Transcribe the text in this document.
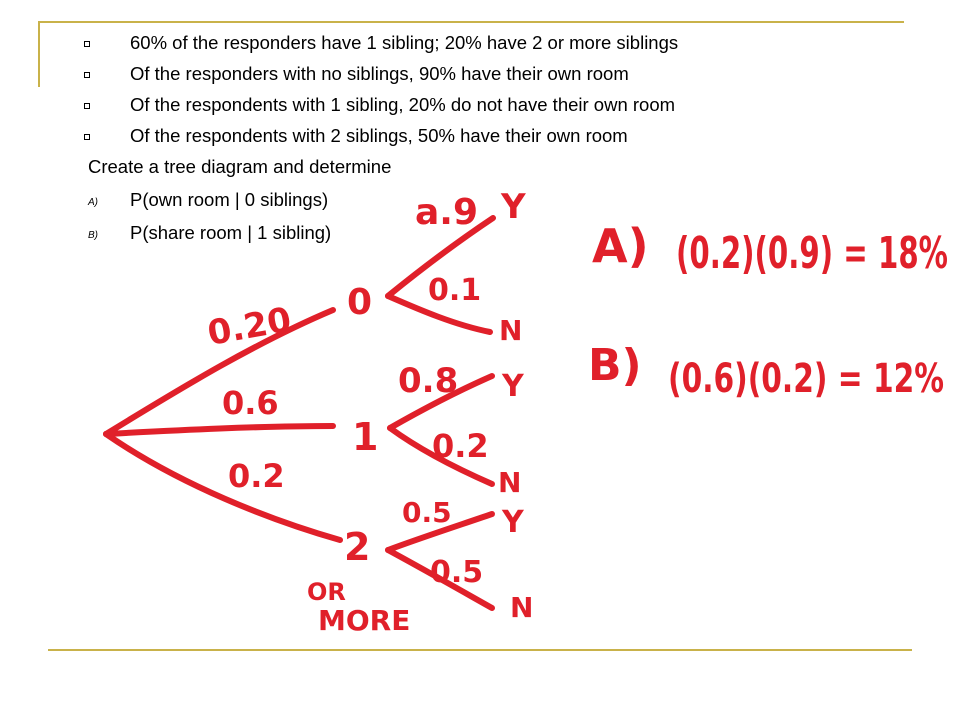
60% of the responders have 1 sibling; 20% have 2 or more siblings
Of the responders with no siblings, 90% have their own room
Of the respondents with 1 sibling, 20% do not have their own room
Of the respondents with 2 siblings, 50% have their own room
Create a tree diagram and determine
A) P(own room | 0 siblings)
B) P(share room | 1 sibling)
0.20
0.6
0.2
0
1
2
OR
MORE
a.9
0.1
Y
N
0.8
0.2
Y
N
0.5
0.5
Y
N
A) (0.2)(0.9) = 18%
B) (0.6)(0.2) = 12%
